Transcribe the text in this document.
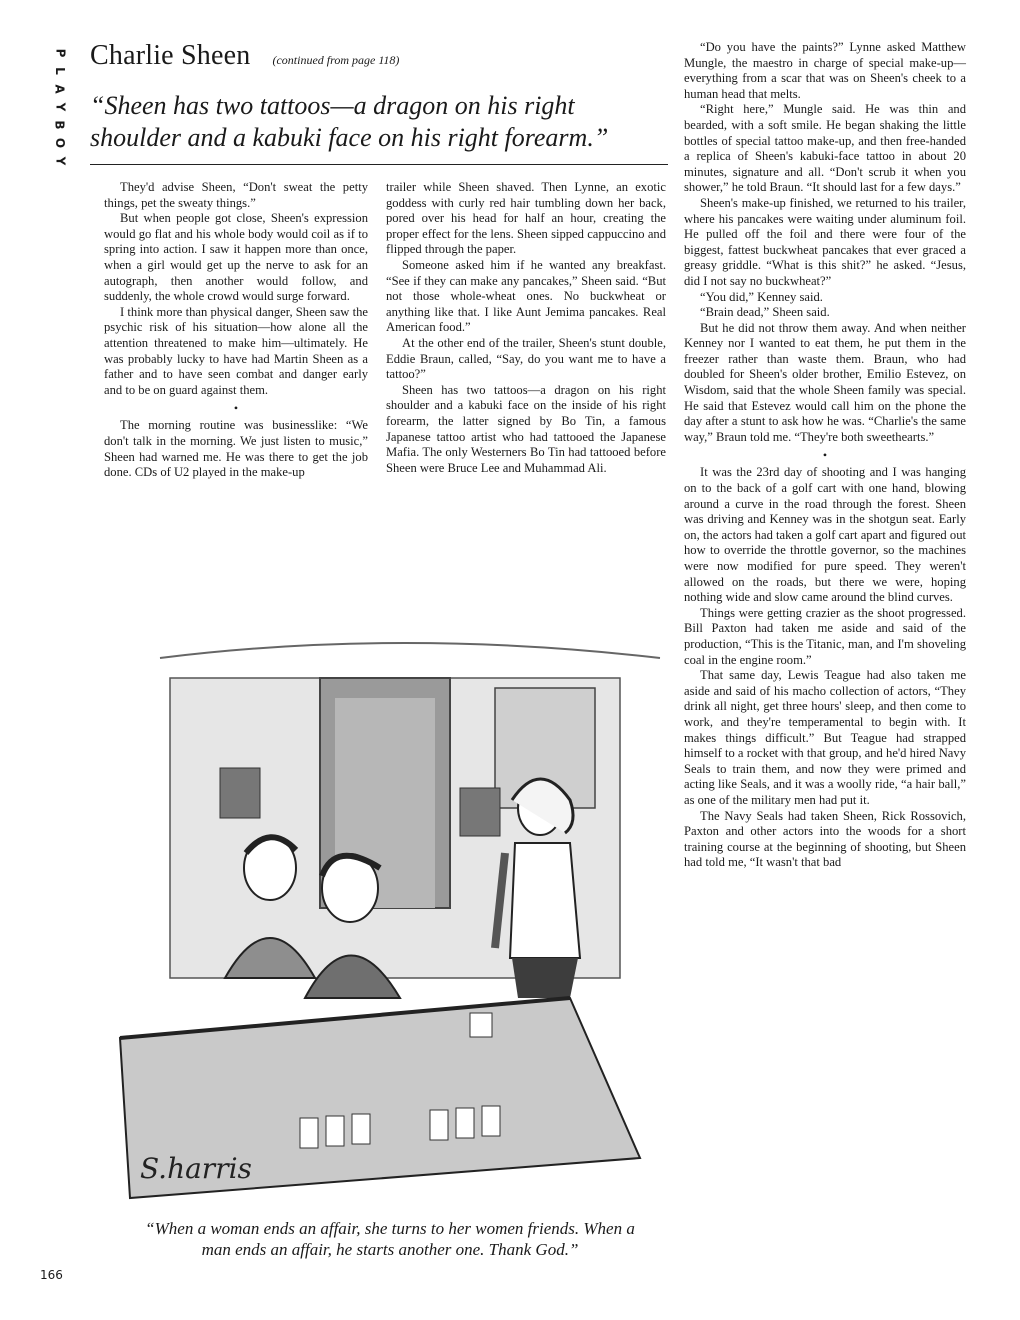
P
L
A
Y
B
O
Y
Charlie Sheen (continued from page 118)

“Sheen has two tattoos—a dragon on his right shoulder and a kabuki face on his right forearm.”

They'd advise Sheen, “Don't sweat the petty things, pet the sweaty things.”

But when people got close, Sheen's expression would go flat and his whole body would coil as if to spring into action. I saw it happen more than once, when a girl would get up the nerve to ask for an autograph, then another would follow, and suddenly, the whole crowd would surge forward.

I think more than physical danger, Sheen saw the psychic risk of his situation—how alone all the attention threatened to make him—ultimately. He was probably lucky to have had Martin Sheen as a father and to have seen combat and danger early and to be on guard against them.

•

The morning routine was businesslike: “We don't talk in the morning. We just listen to music,” Sheen had warned me. He was there to get the job done. CDs of U2 played in the make-up

trailer while Sheen shaved. Then Lynne, an exotic goddess with curly red hair tumbling down her back, pored over his head for half an hour, creating the proper effect for the lens. Sheen sipped cappuccino and flipped through the paper.

Someone asked him if he wanted any breakfast. “See if they can make any pancakes,” Sheen said. “But not those whole-wheat ones. No buckwheat or anything like that. I like Aunt Jemima pancakes. Real American food.”

At the other end of the trailer, Sheen's stunt double, Eddie Braun, called, “Say, do you want me to have a tattoo?”

Sheen has two tattoos—a dragon on his right shoulder and a kabuki face on the inside of his right forearm, the latter signed by Bo Tin, a famous Japanese tattoo artist who had tattooed the Japanese Mafia. The only Westerners Bo Tin had tattooed before Sheen were Bruce Lee and Muhammad Ali.

“Do you have the paints?” Lynne asked Matthew Mungle, the maestro in charge of special make-up—everything from a scar that was on Sheen's cheek to a human head that melts.

“Right here,” Mungle said. He was thin and bearded, with a soft smile. He began shaking the little bottles of special tattoo make-up, and then free-handed a replica of Sheen's kabuki-face tattoo in about 20 minutes, signature and all. “Don't scrub it when you shower,” he told Braun. “It should last for a few days.”

Sheen's make-up finished, we returned to his trailer, where his pancakes were waiting under aluminum foil. He pulled off the foil and there were four of the biggest, fattest buckwheat pancakes that ever graced a greasy griddle. “What is this shit?” he asked. “Jesus, did I not say no buckwheat?”

“You did,” Kenney said.

“Brain dead,” Sheen said.

But he did not throw them away. And when neither Kenney nor I wanted to eat them, he put them in the freezer rather than waste them. Braun, who had doubled for Sheen's older brother, Emilio Estevez, on Wisdom, said that the whole Sheen family was special. He said that Estevez would call him on the phone the day after a stunt to ask how he was. “Charlie's the same way,” Braun told me. “They're both sweethearts.”

•

It was the 23rd day of shooting and I was hanging on to the back of a golf cart with one hand, blowing around a curve in the road through the forest. Sheen was driving and Kenney was in the shotgun seat. Early on, the actors had taken a golf cart apart and figured out how to override the throttle governor, so the machines were now modified for pure speed. They weren't allowed on the roads, but there we were, hoping nothing wide and slow came around the blind curves.

Things were getting crazier as the shoot progressed. Bill Paxton had taken me aside and said of the production, “This is the Titanic, man, and I'm shoveling coal in the engine room.”

That same day, Lewis Teague had also taken me aside and said of his macho collection of actors, “They drink all night, get three hours' sleep, and then come to work, and they're temperamental to begin with. It makes things difficult.” But Teague had strapped himself to a rocket with that group, and he'd hired Navy Seals to train them, and now they were primed and acting like Seals, and it was a woolly ride, “a hair ball,” as one of the military men had put it.

The Navy Seals had taken Sheen, Rick Rossovich, Paxton and other actors into the woods for a short training course at the beginning of shooting, but Sheen had told me, “It wasn't that bad

S.harris

“When a woman ends an affair, she turns to her women friends. When a man ends an affair, he starts another one. Thank God.”

166
